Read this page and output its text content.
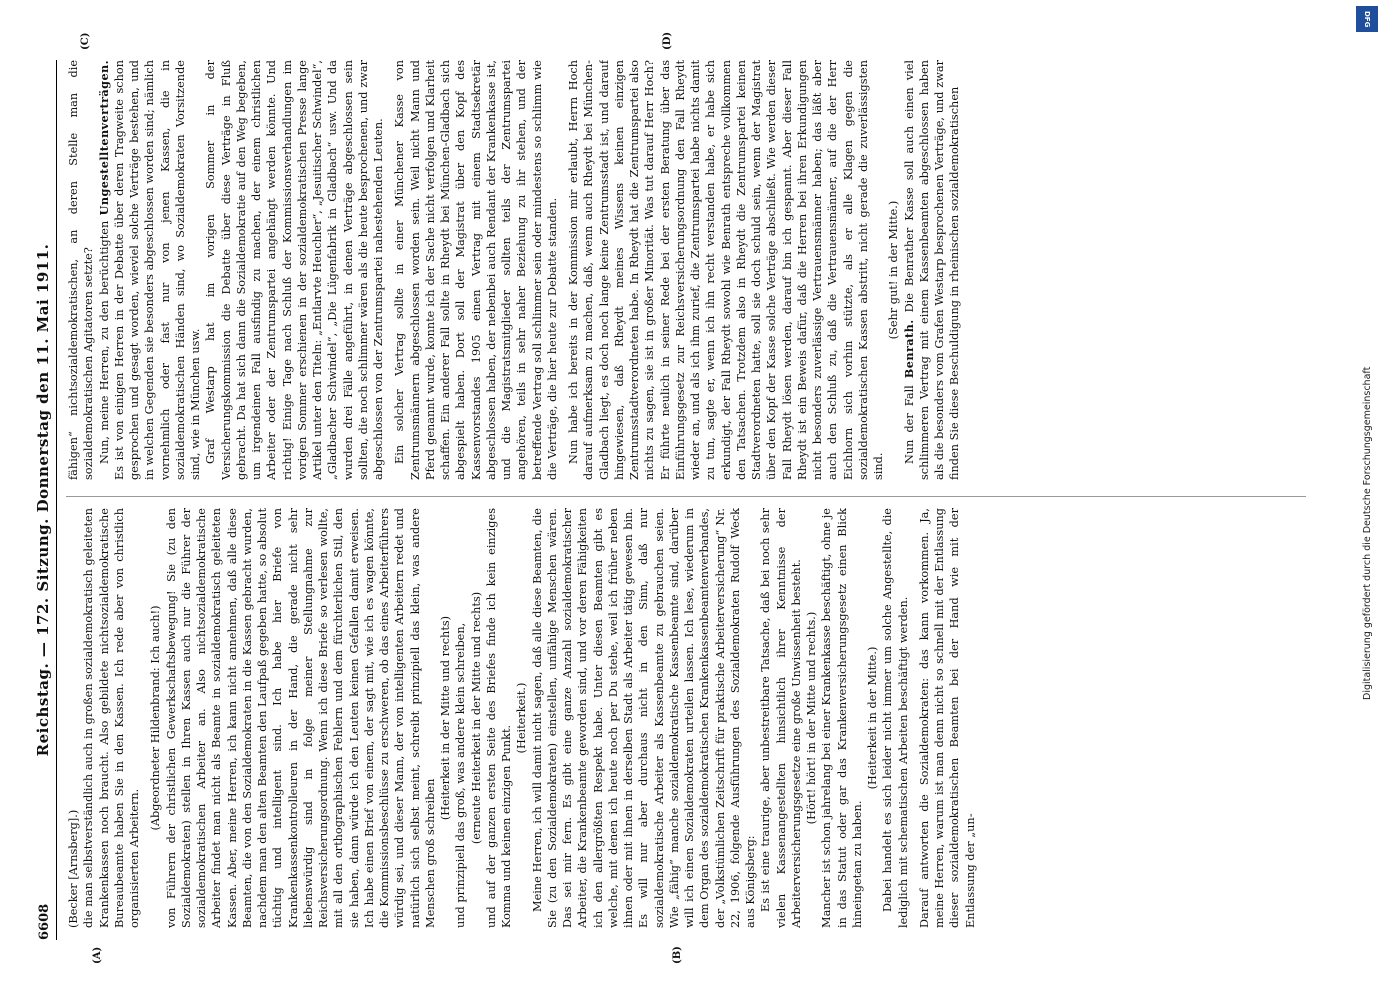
6608
Reichstag. — 172. Sitzung. Donnerstag den 11. Mai 1911.
(A)	(B)
(C)	(D)

(Becker [Arnsberg].) die man selbstverständlich auch in großen sozialdemokratisch geleiteten Krankenkassen noch braucht. Also gebildete nichtsozialdemokratische Bureaubeamte haben Sie in den Kassen. Ich rede aber von christlich organisierten Arbeitern.

(Abgeordneter Hildenbrand: Ich auch!) von Führern der christlichen Gewerkschaftsbewegung! Sie (zu den Sozialdemokraten) stellen in Ihren Kassen auch nur die Führer der sozialdemokratischen Arbeiter an. Also nichtsozialdemokratische Arbeiter findet man nicht als Beamte in sozialdemokratisch geleiteten Kassen. Aber, meine Herren, ich kann nicht annehmen, daß alle diese Beamten, die von den Sozialdemokraten in die Kassen gebracht wurden, nachdem man den alten Beamten den Laufpaß gegeben hatte, so absolut tüchtig und intelligent sind. Ich habe hier Briefe von Krankenkassenkontrolleuren in der Hand, die gerade nicht sehr liebenswürdig sind in folge meiner Stellungnahme zur Reichsversicherungsordnung. Wenn ich diese Briefe so verlesen wollte, mit all den orthographischen Fehlern und dem fürchterlichen Stil, den sie haben, dann würde ich den Leuten keinen Gefallen damit erweisen. Ich habe einen Brief von einem, der sagt mit, wie ich es wagen könnte, die Kommissionsbeschlüsse zu erschweren, ob das eines Arbeiterführers würdig sei, und dieser Mann, der von intelligenten Arbeitern redet und natürlich sich selbst meint, schreibt prinzipiell das klein, was andere Menschen groß schreiben

(Heiterkeit in der Mitte und rechts) und prinzipiell das groß, was andere klein schreiben, (erneute Heiterkeit in der Mitte und rechts) und auf der ganzen ersten Seite des Briefes finde ich kein einziges Komma und keinen einzigen Punkt.

(Heiterkeit.) Meine Herren, ich will damit nicht sagen, daß alle diese Beamten, die Sie (zu den Sozialdemokraten) einstellen, unfähige Menschen wären. Das sei mir fern. Es gibt eine ganze Anzahl sozialdemokratischer Arbeiter, die Krankenbeamte geworden sind, und vor deren Fähigkeiten ich den allergrößten Respekt habe. Unter diesen Beamten gibt es welche, mit denen ich heute noch per Du stehe, weil ich früher neben ihnen oder mit ihnen in derselben Stadt als Arbeiter tätig gewesen bin. Es will nur aber durchaus nicht in den Sinn, daß nur sozialdemokratische Arbeiter als Kassenbeamte zu gebrauchen seien. Wie „fähig“ manche sozialdemokratische Kassenbeamte sind, darüber will ich einen Sozialdemokraten urteilen lassen. Ich lese, wiederum in dem Organ des sozialdemokratischen Krankenkassenbeamtenverbandes, der „Volkstümlichen Zeitschrift für praktische Arbeiterversicherung“ Nr. 22, 1906, folgende Ausführungen des Sozialdemokraten Rudolf Weck aus Königsberg: Es ist eine traurige, aber unbestreitbare Tatsache, daß bei noch sehr vielen Kassenangestellten hinsichtlich ihrer Kenntnisse der Arbeiterversicherungsgesetze eine große Unwissenheit besteht. (Hört! hört! in der Mitte und rechts.) Mancher ist schon jahrelang bei einer Krankenkasse beschäftigt, ohne je in das Statut oder gar das Krankenversicherungsgesetz einen Blick hineingetan zu haben.

(Heiterkeit in der Mitte.) Dabei handelt es sich leider nicht immer um solche Angestellte, die lediglich mit schematischen Arbeiten beschäftigt werden. Darauf antworten die Sozialdemokraten: das kann vorkommen. Ja, meine Herren, warum ist man denn nicht so schnell mit der Entlassung dieser sozialdemokratischen Beamten bei der Hand wie mit der Entlassung der „un-

fähigen“ nichtsozialdemokratischen, an deren Stelle man die sozialdemokratischen Agitatoren setzte? Nun, meine Herren, zu den berüchtigten Ungestelltenverträgen. Es ist von einigen Herren in der Debatte über deren Tragweite schon gesprochen und gesagt worden, wieviel solche Verträge bestehen, und in welchen Gegenden sie besonders abgeschlossen worden sind; nämlich vornehmlich oder fast nur von jenen Kassen, die in sozialdemokratischen Händen sind, wo Sozialdemokraten Vorsitzende sind, wie in München usw. Graf Westarp hat im vorigen Sommer in der Versicherungskommission die Debatte über diese Verträge in Fluß gebracht. Da hat sich dann die Sozialdemokratie auf den Weg begeben, um irgendeinen Fall ausfindig zu machen, der einem christlichen Arbeiter oder der Zentrumspartei angehängt werden könnte. Und richtig! Einige Tage nach Schluß der Kommissionsverhandlungen im vorigen Sommer erschienen in der sozialdemokratischen Presse lange Artikel unter den Titeln: „Entlarvte Heuchler“, „Jesuitischer Schwindel“, „Gladbacher Schwindel“, „Die Lügenfabrik in Gladbach“ usw. Und da wurden drei Fälle angeführt, in denen Verträge abgeschlossen sein sollten, die noch schlimmer wären als die heute besprochenen, und zwar abgeschlossen von der Zentrumspartei nahestehenden Leuten. Ein solcher Vertrag sollte in einer Münchener Kasse von Zentrumsmännern abgeschlossen worden sein. Weil nicht Mann und Pferd genannt wurde, konnte ich der Sache nicht verfolgen und Klarheit schaffen. Ein anderer Fall sollte in Rheydt bei München-Gladbach sich abgespielt haben. Dort soll der Magistrat über den Kopf des Kassenvorstandes 1905 einen Vertrag mit einem Stadtsekretär abgeschlossen haben, der nebenbei auch Rendant der Krankenkasse ist, und die Magistratsmitglieder sollten teils der Zentrumspartei angehören, teils in sehr naher Beziehung zu ihr stehen, und der betreffende Vertrag soll schlimmer sein oder mindestens so schlimm wie die Verträge, die hier heute zur Debatte standen. Nun habe ich bereits in der Kommission mir erlaubt, Herrn Hoch darauf aufmerksam zu machen, daß, wenn auch Rheydt bei München-Gladbach liegt, es doch noch lange keine Zentrumsstadt ist, und darauf hingewiesen, daß Rheydt meines Wissens keinen einzigen Zentrumsstadtverordneten habe. In Rheydt hat die Zentrumspartei also nichts zu sagen, sie ist in großer Minorität. Was tut darauf Herr Hoch? Er führte neulich in seiner Rede bei der ersten Beratung über das Einführungsgesetz zur Reichsversicherungsordnung den Fall Rheydt wieder an, und als ich ihm zurief, die Zentrumspartei habe nichts damit zu tun, sagte er, wenn ich ihn recht verstanden habe, er habe sich erkundigt, der Fall Rheydt sowohl wie Benrath entspreche vollkommen den Tatsachen. Trotzdem also in Rheydt die Zentrumspartei keinen Stadtverordneten hatte, soll sie doch schuld sein, wenn der Magistrat über den Kopf der Kasse solche Verträge abschließt. Wie werden dieser Fall Rheydt lösen werden, darauf bin ich gespannt. Aber dieser Fall Rheydt ist ein Beweis dafür, daß die Herren bei ihren Erkundigungen nicht besonders zuverlässige Vertrauensmänner haben; das läßt aber auch den Schluß zu, daß die Vertrauensmänner, auf die der Herr Eichhorn sich vorhin stützte, als er alle Klagen gegen die sozialdemokratischen Kassen abstritt, nicht gerade die zuverlässigsten sind.

(Sehr gut! in der Mitte.)

Nun der Fall Benrath. Die Benrather Kasse soll auch einen viel schlimmeren Vertrag mit einem Kassenbeamten abgeschlossen haben als die besonders vom Grafen Westarp besprochenen Verträge, und zwar finden Sie diese Beschuldigung in rheinischen sozialdemokratischen

DFG
Digitalisierung gefördert durch die Deutsche Forschungsgemeinschaft
